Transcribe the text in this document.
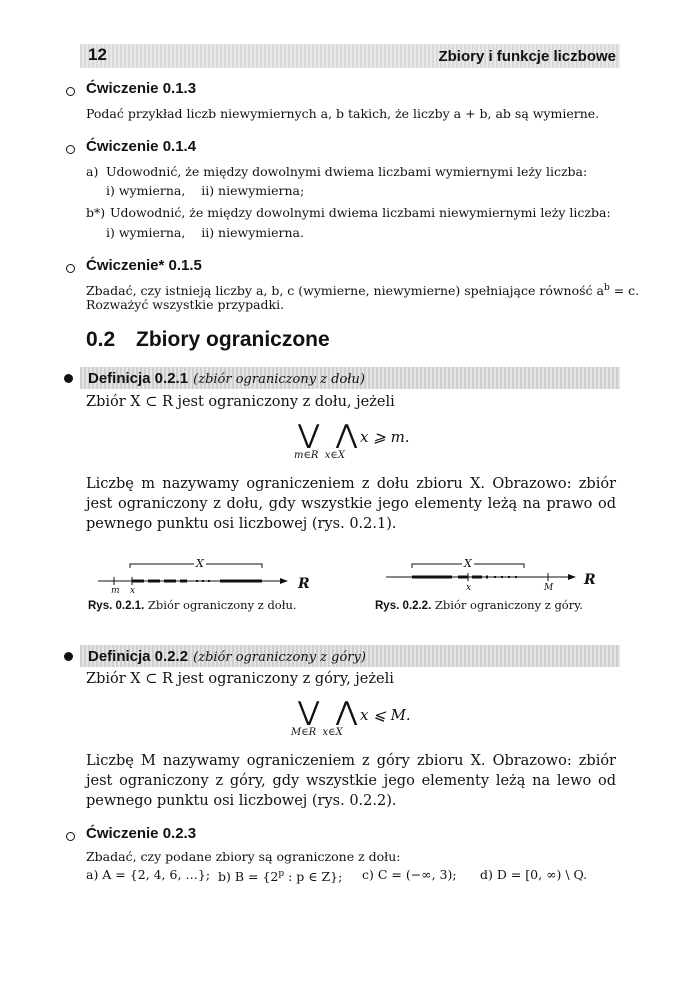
12	Zbiory i funkcje liczbowe
Ćwiczenie 0.1.3
Podać przykład liczb niewymiernych a, b takich, że liczby a + b, ab są wymierne.
Ćwiczenie 0.1.4
a) Udowodnić, że między dowolnymi dwiema liczbami wymiernymi leży liczba:
i) wymierna,    ii) niewymierna;
b*) Udowodnić, że między dowolnymi dwiema liczbami niewymiernymi leży liczba:
i) wymierna,    ii) niewymierna.
Ćwiczenie* 0.1.5
Zbadać, czy istnieją liczby a, b, c (wymierne, niewymierne) spełniające równość $a^b = c$.
Rozważyć wszystkie przypadki.
0.2 Zbiory ograniczone
Definicja 0.2.1 (zbiór ograniczony z dołu)
Zbiór X ⊂ R jest ograniczony z dołu, jeżeli
⋁  ⋀ x ⩾ m.
m∈R  x∈X
Liczbę m nazywamy ograniczeniem z dołu zbioru X. Obrazowo: zbiór jest ograniczony z dołu, gdy wszystkie jego elementy leżą na prawo od pewnego punktu osi liczbowej (rys. 0.2.1).
X
R
m x
Rys. 0.2.1. Zbiór ograniczony z dołu.
X
R
x	M
Rys. 0.2.2. Zbiór ograniczony z góry.
Definicja 0.2.2 (zbiór ograniczony z góry)
Zbiór X ⊂ R jest ograniczony z góry, jeżeli
⋁  ⋀ x ⩽ M.
M∈R  x∈X
Liczbę M nazywamy ograniczeniem z góry zbioru X. Obrazowo: zbiór jest ograniczony z góry, gdy wszystkie jego elementy leżą na lewo od pewnego punktu osi liczbowej (rys. 0.2.2).
Ćwiczenie 0.2.3
Zbadać, czy podane zbiory są ograniczone z dołu:
a) A = {2, 4, 6, …}; b) $B = \{2^p$ : p ∈ Z}; c) C = (−∞, 3); d) D = [0, ∞) \ Q.
